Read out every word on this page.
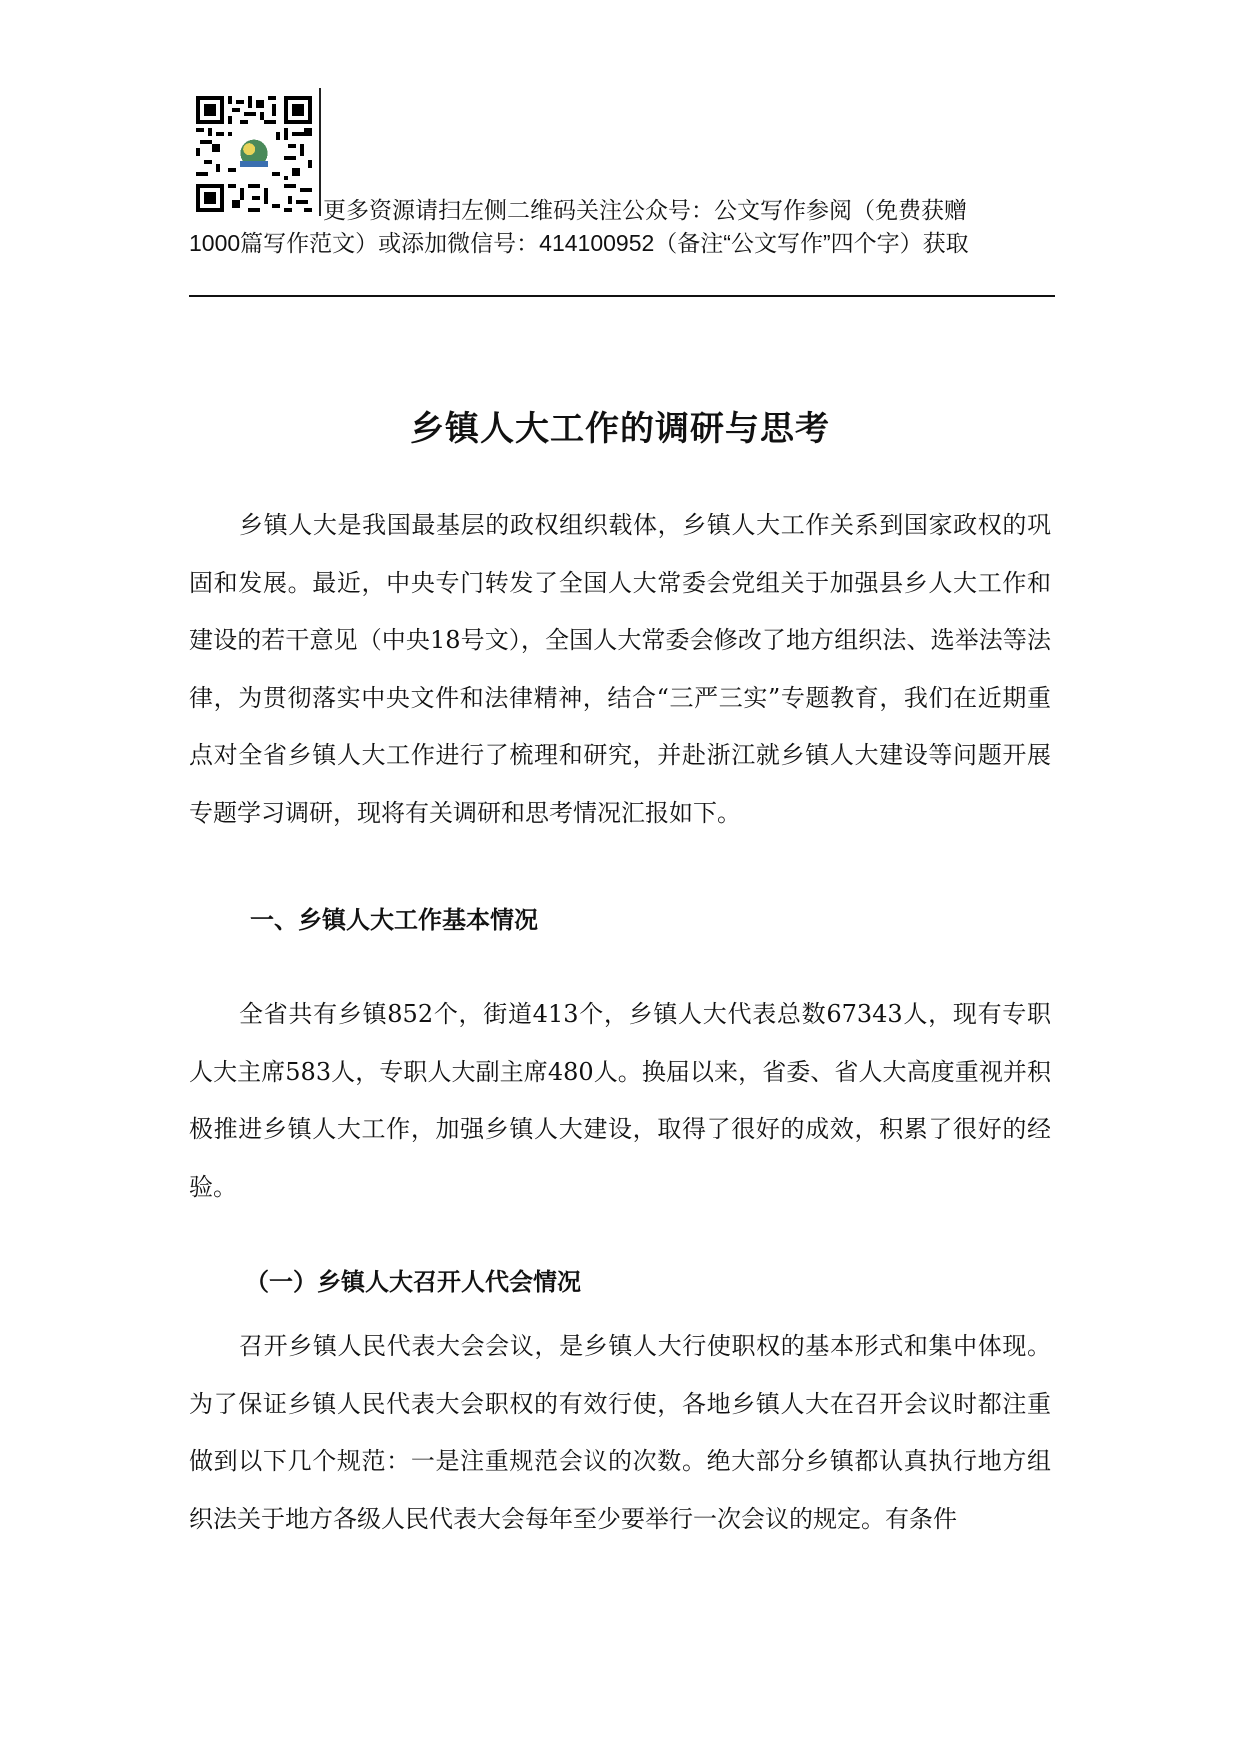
更多资源请扫左侧二维码关注公众号：公文写作参阅（免费获赠
1000篇写作范文）或添加微信号：414100952（备注“公文写作”四个字）获取
乡镇人大工作的调研与思考

乡镇人大是我国最基层的政权组织载体，乡镇人大工作关系到国家政权的巩固和发展。最近，中央专门转发了全国人大常委会党组关于加强县乡人大工作和建设的若干意见（中央18号文），全国人大常委会修改了地方组织法、选举法等法律，为贯彻落实中央文件和法律精神，结合“三严三实”专题教育，我们在近期重点对全省乡镇人大工作进行了梳理和研究，并赴浙江就乡镇人大建设等问题开展专题学习调研，现将有关调研和思考情况汇报如下。

一、乡镇人大工作基本情况

全省共有乡镇852个，街道413个，乡镇人大代表总数67343人，现有专职人大主席583人，专职人大副主席480人。换届以来，省委、省人大高度重视并积极推进乡镇人大工作，加强乡镇人大建设，取得了很好的成效，积累了很好的经验。

（一）乡镇人大召开人代会情况

召开乡镇人民代表大会会议，是乡镇人大行使职权的基本形式和集中体现。为了保证乡镇人民代表大会职权的有效行使，各地乡镇人大在召开会议时都注重做到以下几个规范：一是注重规范会议的次数。绝大部分乡镇都认真执行地方组织法关于地方各级人民代表大会每年至少要举行一次会议的规定。有条件
